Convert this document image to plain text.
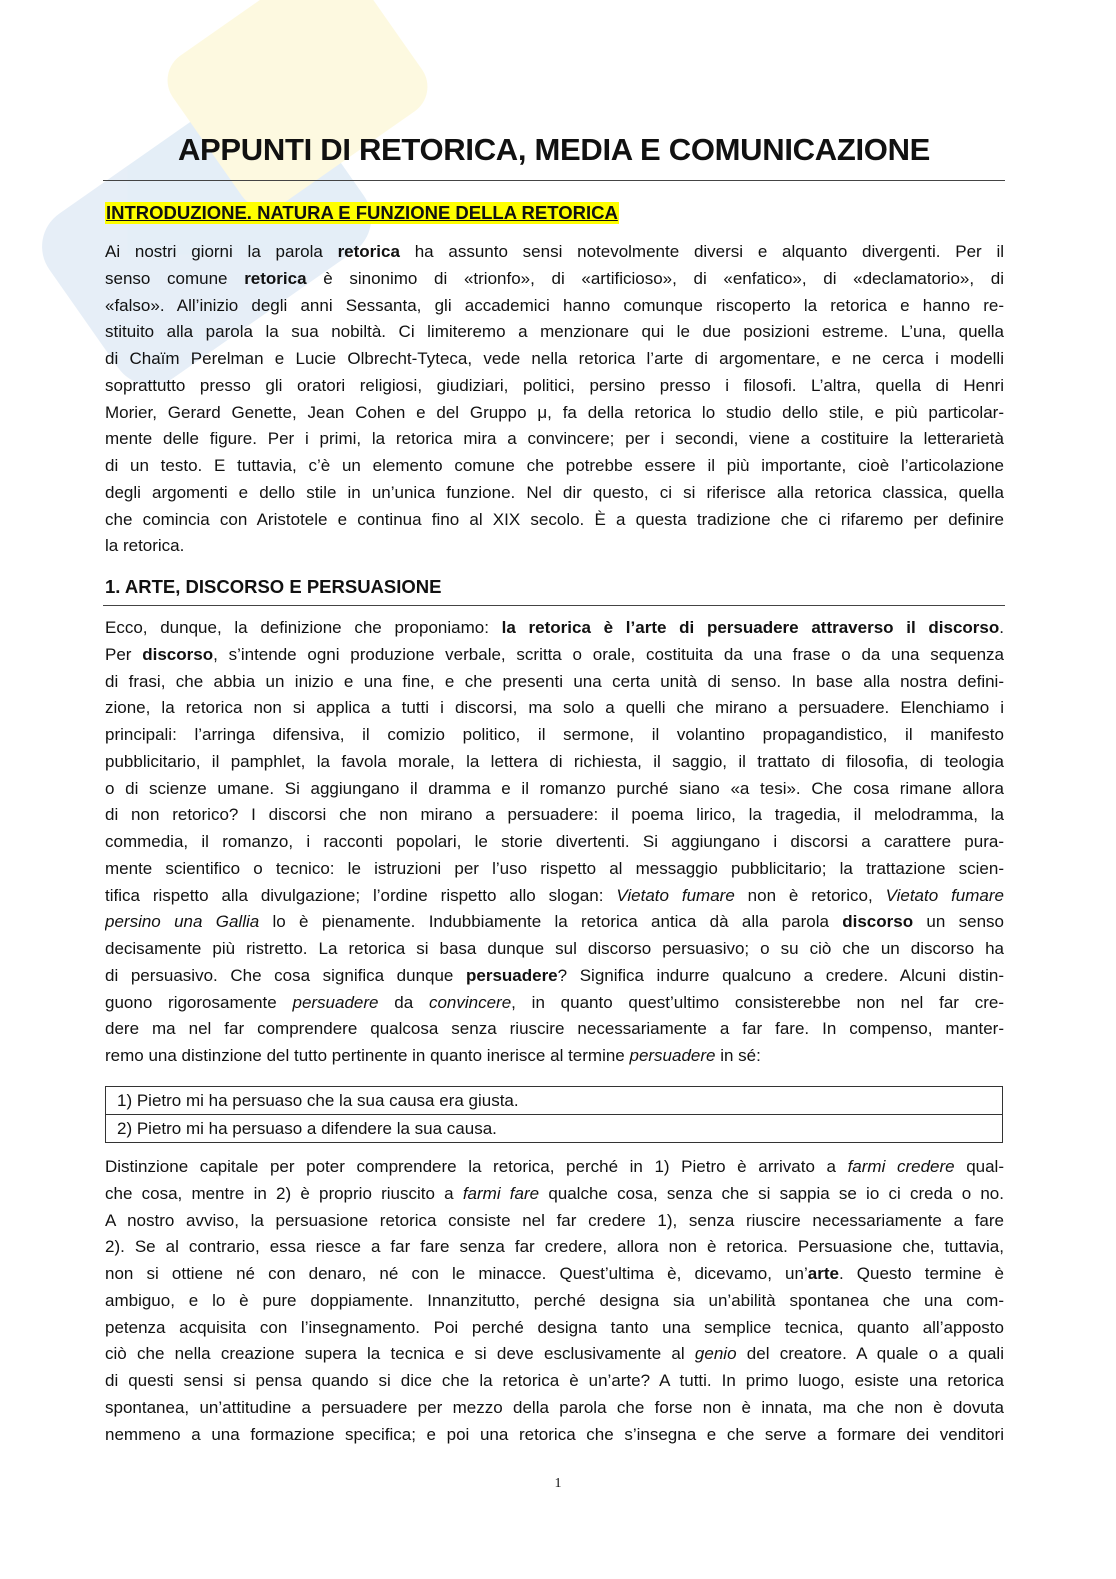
APPUNTI DI RETORICA, MEDIA E COMUNICAZIONE
INTRODUZIONE. NATURA E FUNZIONE DELLA RETORICA
Ai nostri giorni la parola retorica ha assunto sensi notevolmente diversi e alquanto divergenti. Per il
senso comune retorica è sinonimo di «trionfo», di «artificioso», di «enfatico», di «declamatorio», di
«falso». All’inizio degli anni Sessanta, gli accademici hanno comunque riscoperto la retorica e hanno re-
stituito alla parola la sua nobiltà. Ci limiteremo a menzionare qui le due posizioni estreme. L’una, quella
di Chaïm Perelman e Lucie Olbrecht-Tyteca, vede nella retorica l’arte di argomentare, e ne cerca i modelli
soprattutto presso gli oratori religiosi, giudiziari, politici, persino presso i filosofi. L’altra, quella di Henri
Morier, Gerard Genette, Jean Cohen e del Gruppo μ, fa della retorica lo studio dello stile, e più particolar-
mente delle figure. Per i primi, la retorica mira a convincere; per i secondi, viene a costituire la letterarietà
di un testo. E tuttavia, c’è un elemento comune che potrebbe essere il più importante, cioè l’articolazione
degli argomenti e dello stile in un’unica funzione. Nel dir questo, ci si riferisce alla retorica classica, quella
che comincia con Aristotele e continua fino al XIX secolo. È a questa tradizione che ci rifaremo per definire
la retorica.
1. ARTE, DISCORSO E PERSUASIONE
Ecco, dunque, la definizione che proponiamo: la retorica è l’arte di persuadere attraverso il discorso.
Per discorso, s’intende ogni produzione verbale, scritta o orale, costituita da una frase o da una sequenza
di frasi, che abbia un inizio e una fine, e che presenti una certa unità di senso. In base alla nostra defini-
zione, la retorica non si applica a tutti i discorsi, ma solo a quelli che mirano a persuadere. Elenchiamo i
principali: l’arringa difensiva, il comizio politico, il sermone, il volantino propagandistico, il manifesto
pubblicitario, il pamphlet, la favola morale, la lettera di richiesta, il saggio, il trattato di filosofia, di teologia
o di scienze umane. Si aggiungano il dramma e il romanzo purché siano «a tesi». Che cosa rimane allora
di non retorico? I discorsi che non mirano a persuadere: il poema lirico, la tragedia, il melodramma, la
commedia, il romanzo, i racconti popolari, le storie divertenti. Si aggiungano i discorsi a carattere pura-
mente scientifico o tecnico: le istruzioni per l’uso rispetto al messaggio pubblicitario; la trattazione scien-
tifica rispetto alla divulgazione; l’ordine rispetto allo slogan: Vietato fumare non è retorico, Vietato fumare
persino una Gallia lo è pienamente. Indubbiamente la retorica antica dà alla parola discorso un senso
decisamente più ristretto. La retorica si basa dunque sul discorso persuasivo; o su ciò che un discorso ha
di persuasivo. Che cosa significa dunque persuadere? Significa indurre qualcuno a credere. Alcuni distin-
guono rigorosamente persuadere da convincere, in quanto quest’ultimo consisterebbe non nel far cre-
dere ma nel far comprendere qualcosa senza riuscire necessariamente a far fare. In compenso, manter-
remo una distinzione del tutto pertinente in quanto inerisce al termine persuadere in sé:
1) Pietro mi ha persuaso che la sua causa era giusta.
2) Pietro mi ha persuaso a difendere la sua causa.
Distinzione capitale per poter comprendere la retorica, perché in 1) Pietro è arrivato a farmi credere qual-
che cosa, mentre in 2) è proprio riuscito a farmi fare qualche cosa, senza che si sappia se io ci creda o no.
A nostro avviso, la persuasione retorica consiste nel far credere 1), senza riuscire necessariamente a fare
2). Se al contrario, essa riesce a far fare senza far credere, allora non è retorica. Persuasione che, tuttavia,
non si ottiene né con denaro, né con le minacce. Quest’ultima è, dicevamo, un’arte. Questo termine è
ambiguo, e lo è pure doppiamente. Innanzitutto, perché designa sia un’abilità spontanea che una com-
petenza acquisita con l’insegnamento. Poi perché designa tanto una semplice tecnica, quanto all’apposto
ciò che nella creazione supera la tecnica e si deve esclusivamente al genio del creatore. A quale o a quali
di questi sensi si pensa quando si dice che la retorica è un’arte? A tutti. In primo luogo, esiste una retorica
spontanea, un’attitudine a persuadere per mezzo della parola che forse non è innata, ma che non è dovuta
nemmeno a una formazione specifica; e poi una retorica che s’insegna e che serve a formare dei venditori
1
